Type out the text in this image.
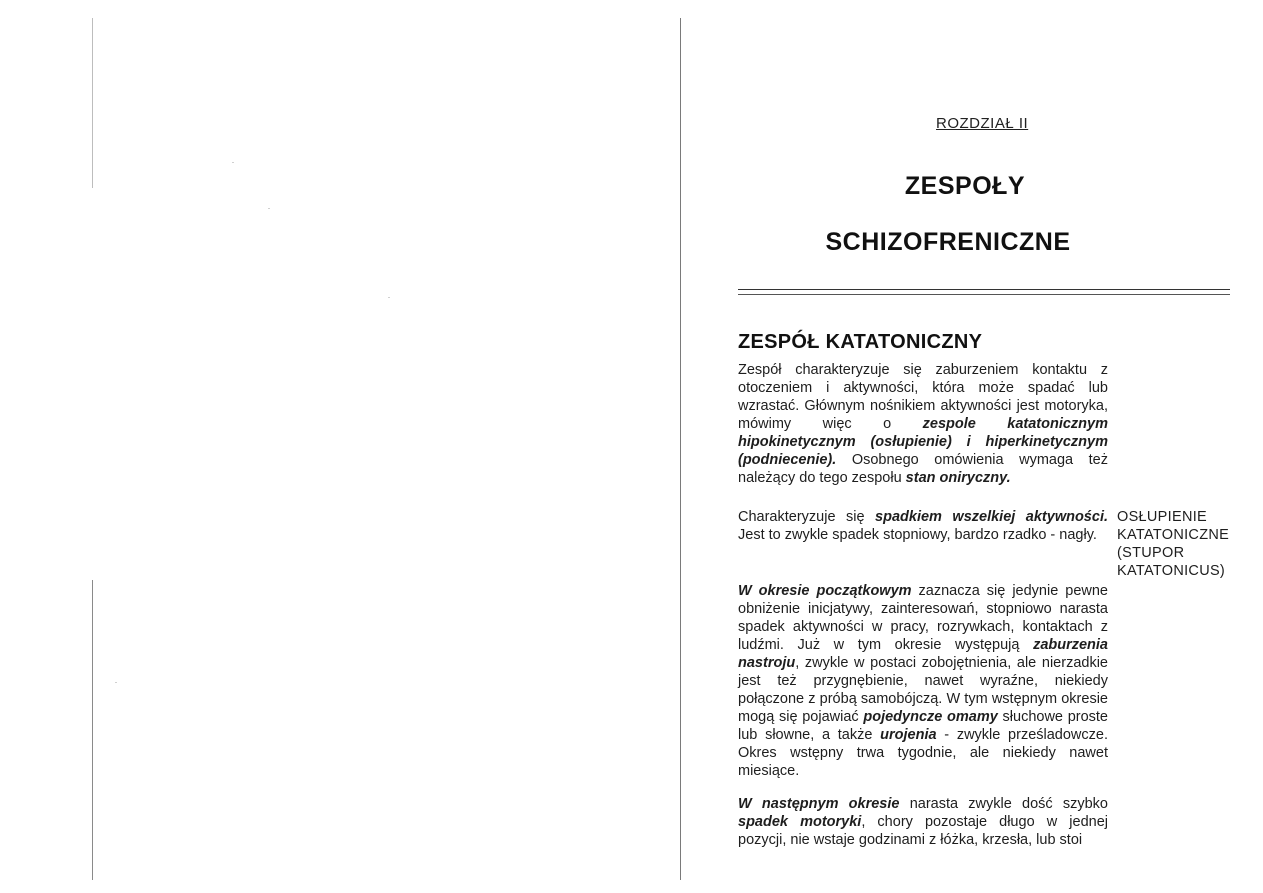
ROZDZIAŁ II
ZESPOŁY
SCHIZOFRENICZNE
ZESPÓŁ KATATONICZNY

Zespół charakteryzuje się zaburzeniem kontaktu z otoczeniem i aktywności, która może spadać lub wzrastać. Głównym nośnikiem aktywności jest motoryka, mówimy więc o zespole katatonicznym hipokinetycznym (osłupienie) i hiperkinetycznym (podniecenie). Osobnego omówienia wymaga też należący do tego zespołu stan oniryczny.

Charakteryzuje się spadkiem wszelkiej aktywności. Jest to zwykle spadek stopniowy, bardzo rzadko - nagły.

OSŁUPIENIE
KATATONICZNE
(STUPOR
KATATONICUS)

W okresie początkowym zaznacza się jedynie pewne obniżenie inicjatywy, zainteresowań, stopniowo narasta spadek aktywności w pracy, rozrywkach, kontaktach z ludźmi. Już w tym okresie występują zaburzenia nastroju, zwykle w postaci zobojętnienia, ale nierzadkie jest też przygnębienie, nawet wyraźne, niekiedy połączone z próbą samobójczą. W tym wstępnym okresie mogą się pojawiać pojedyncze omamy słuchowe proste lub słowne, a także urojenia - zwykle prześladowcze. Okres wstępny trwa tygodnie, ale niekiedy nawet miesiące.

W następnym okresie narasta zwykle dość szybko spadek motoryki, chory pozostaje długo w jednej pozycji, nie wstaje godzinami z łóżka, krzesła, lub stoi
